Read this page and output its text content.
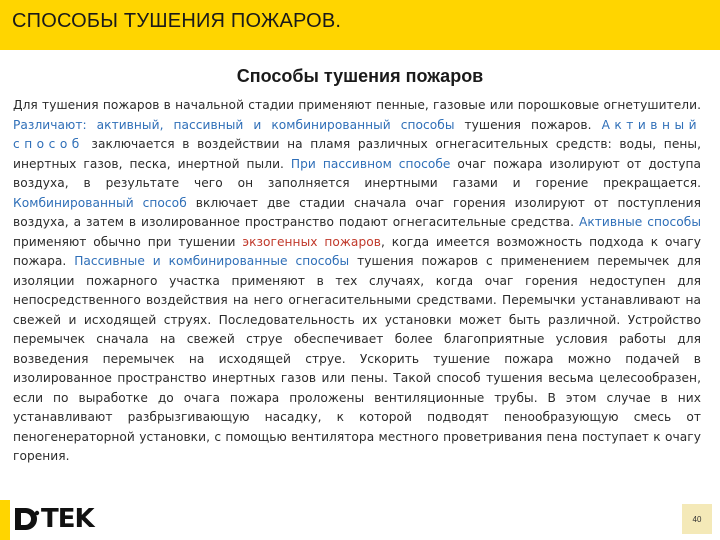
СПОСОБЫ ТУШЕНИЯ ПОЖАРОВ.
Способы тушения пожаров
Для тушения пожаров в начальной стадии применяют пенные, газовые или порошковые огнетушители. Различают: активный, пассивный и комбинированный способы тушения пожаров. Активный способ заключается в воздействии на пламя различных огнегасительных средств: воды, пены, инертных газов, песка, инертной пыли. При пассивном способе очаг пожара изолируют от доступа воздуха, в результате чего он заполняется инертными газами и горение прекращается. Комбинированный способ включает две стадии сначала очаг горения изолируют от поступления воздуха, а затем в изолированное пространство подают огнегасительные средства. Активные способы применяют обычно при тушении экзогенных пожаров, когда имеется возможность подхода к очагу пожара. Пассивные и комбинированные способы тушения пожаров с применением перемычек для изоляции пожарного участка применяют в тех случаях, когда очаг горения недоступен для непосредственного воздействия на него огнегасительными средствами. Перемычки устанавливают на свежей и исходящей струях. Последовательность их установки может быть различной. Устройство перемычек сначала на свежей струе обеспечивает более благоприятные условия работы для возведения перемычек на исходящей струе. Ускорить тушение пожара можно подачей в изолированное пространство инертных газов или пены. Такой способ тушения весьма целесообразен, если по выработке до очага пожара проложены вентиляционные трубы. В этом случае в них устанавливают разбрызгивающую насадку, к которой подводят пенообразующую смесь от пеногенераторной установки, с помощью вентилятора местного проветривания пена поступает к очагу горения.
TEK	40
